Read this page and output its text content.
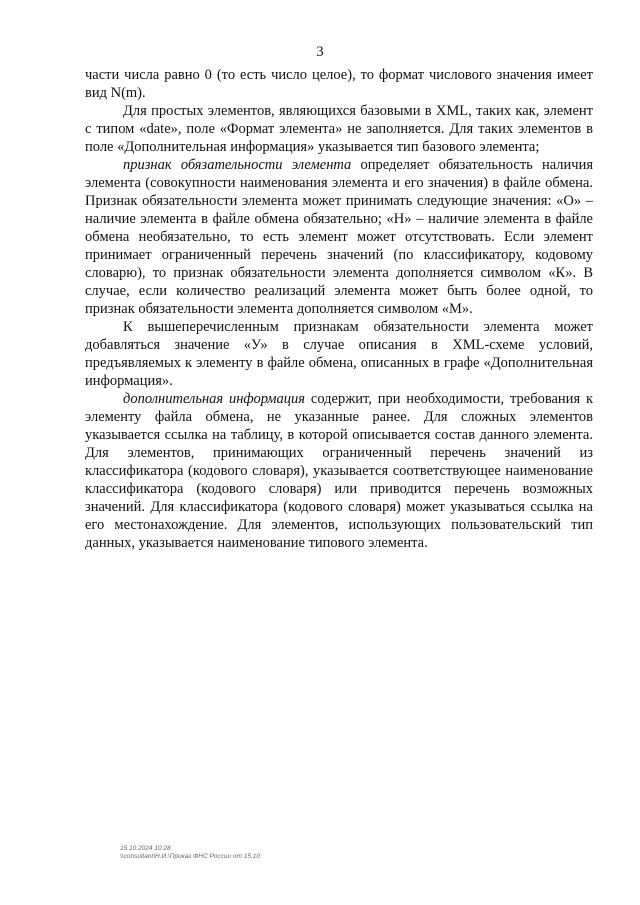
3

части числа равно 0 (то есть число целое), то формат числового значения имеет вид N(m).

Для простых элементов, являющихся базовыми в XML, таких как, элемент с типом «date», поле «Формат элемента» не заполняется. Для таких элементов в поле «Дополнительная информация» указывается тип базового элемента;

признак обязательности элемента определяет обязательность наличия элемента (совокупности наименования элемента и его значения) в файле обмена. Признак обязательности элемента может принимать следующие значения: «О» – наличие элемента в файле обмена обязательно; «Н» – наличие элемента в файле обмена необязательно, то есть элемент может отсутствовать. Если элемент принимает ограниченный перечень значений (по классификатору, кодовому словарю), то признак обязательности элемента дополняется символом «К». В случае, если количество реализаций элемента может быть более одной, то признак обязательности элемента дополняется символом «М».

К вышеперечисленным признакам обязательности элемента может добавляться значение «У» в случае описания в XML-схеме условий, предъявляемых к элементу в файле обмена, описанных в графе «Дополнительная информация».

дополнительная информация содержит, при необходимости, требования к элементу файла обмена, не указанные ранее. Для сложных элементов указывается ссылка на таблицу, в которой описывается состав данного элемента. Для элементов, принимающих ограниченный перечень значений из классификатора (кодового словаря), указывается соответствующее наименование классификатора (кодового словаря) или приводится перечень возможных значений. Для классификатора (кодового словаря) может указываться ссылка на его местонахождение. Для элементов, использующих пользовательский тип данных, указывается наименование типового элемента.

15.10.2024 10:28
\\consultant\Н.И.\Приказ ФНС России от 15.10
